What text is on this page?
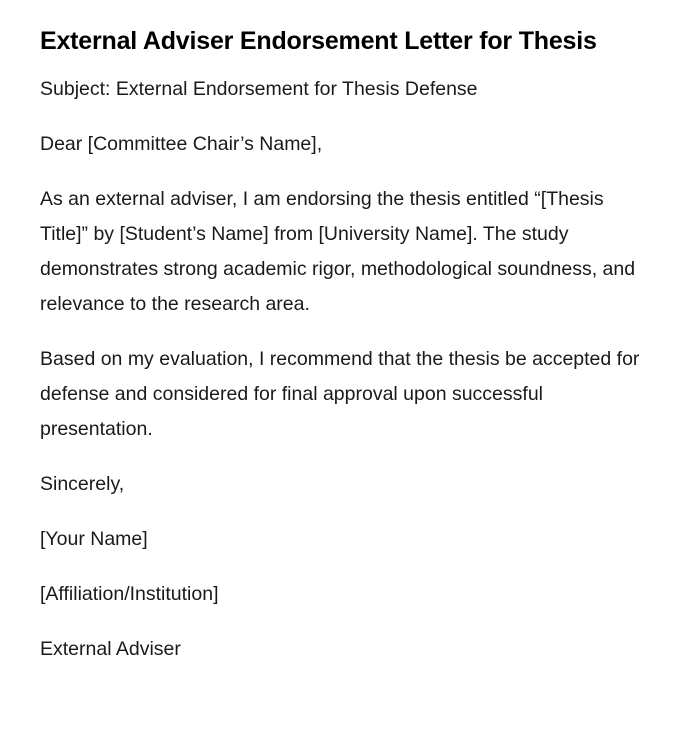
External Adviser Endorsement Letter for Thesis

Subject: External Endorsement for Thesis Defense

Dear [Committee Chair’s Name],

As an external adviser, I am endorsing the thesis entitled “[Thesis Title]” by [Student’s Name] from [University Name]. The study demonstrates strong academic rigor, methodological soundness, and relevance to the research area.

Based on my evaluation, I recommend that the thesis be accepted for defense and considered for final approval upon successful presentation.

Sincerely,

[Your Name]

[Affiliation/Institution]

External Adviser
